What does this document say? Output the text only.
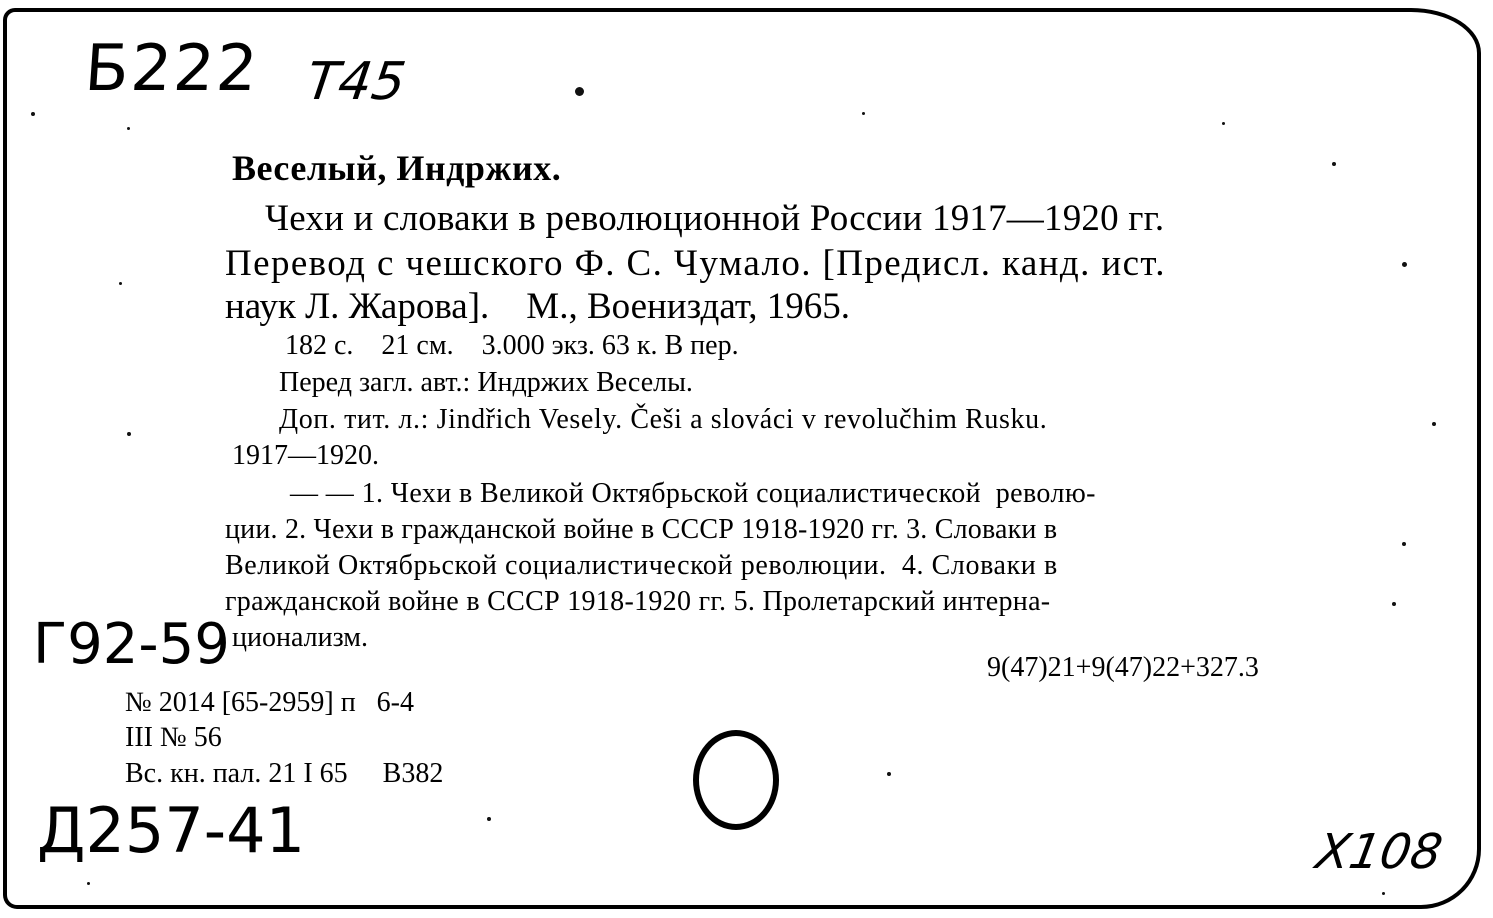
Б222 Т45
Г92-59
Д257-41	Х108
Веселый, Индржих.
Чехи и словаки в революционной России 1917—1920 гг.
Перевод с чешского Ф. С. Чумало. [Предисл. канд. ист.
наук Л. Жарова].    М., Воениздат, 1965.
182 с.    21 см.    3.000 экз. 63 к. В пер.
Перед загл. авт.: Индржих Веселы.
Доп. тит. л.: Jindřich Vesely. Češi a slováci v revolučhim Rusku.
1917—1920.
— — 1. Чехи в Великой Октябрьской социалистической  револю-
ции. 2. Чехи в гражданской войне в СССР 1918-1920 гг. 3. Словаки в
Великой Октябрьской социалистической революции.  4. Словаки в
гражданской войне в СССР 1918-1920 гг. 5. Пролетарский интерна-
ционализм.
9(47)21+9(47)22+327.3
№ 2014 [65-2959] п   6-4
III № 56
Вс. кн. пал. 21 I 65     В382
